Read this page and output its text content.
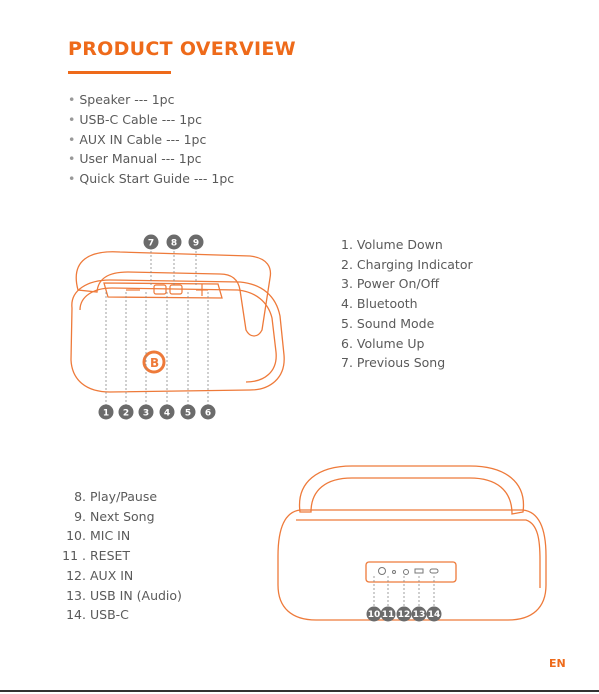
PRODUCT OVERVIEW
• Speaker --- 1pc
• USB-C Cable --- 1pc
• AUX IN Cable --- 1pc
• User Manual --- 1pc
• Quick Start Guide --- 1pc
1. Volume Down
2. Charging Indicator
3. Power On/Off
4. Bluetooth
5. Sound Mode
6. Volume Up
7. Previous Song
8. Play/Pause
9. Next Song
10. MIC IN
11 . RESET
12. AUX IN
13. USB IN (Audio)
14. USB-C
B
1 2 3 4 5 6
7 8 9
10 11 12 13 14
EN
